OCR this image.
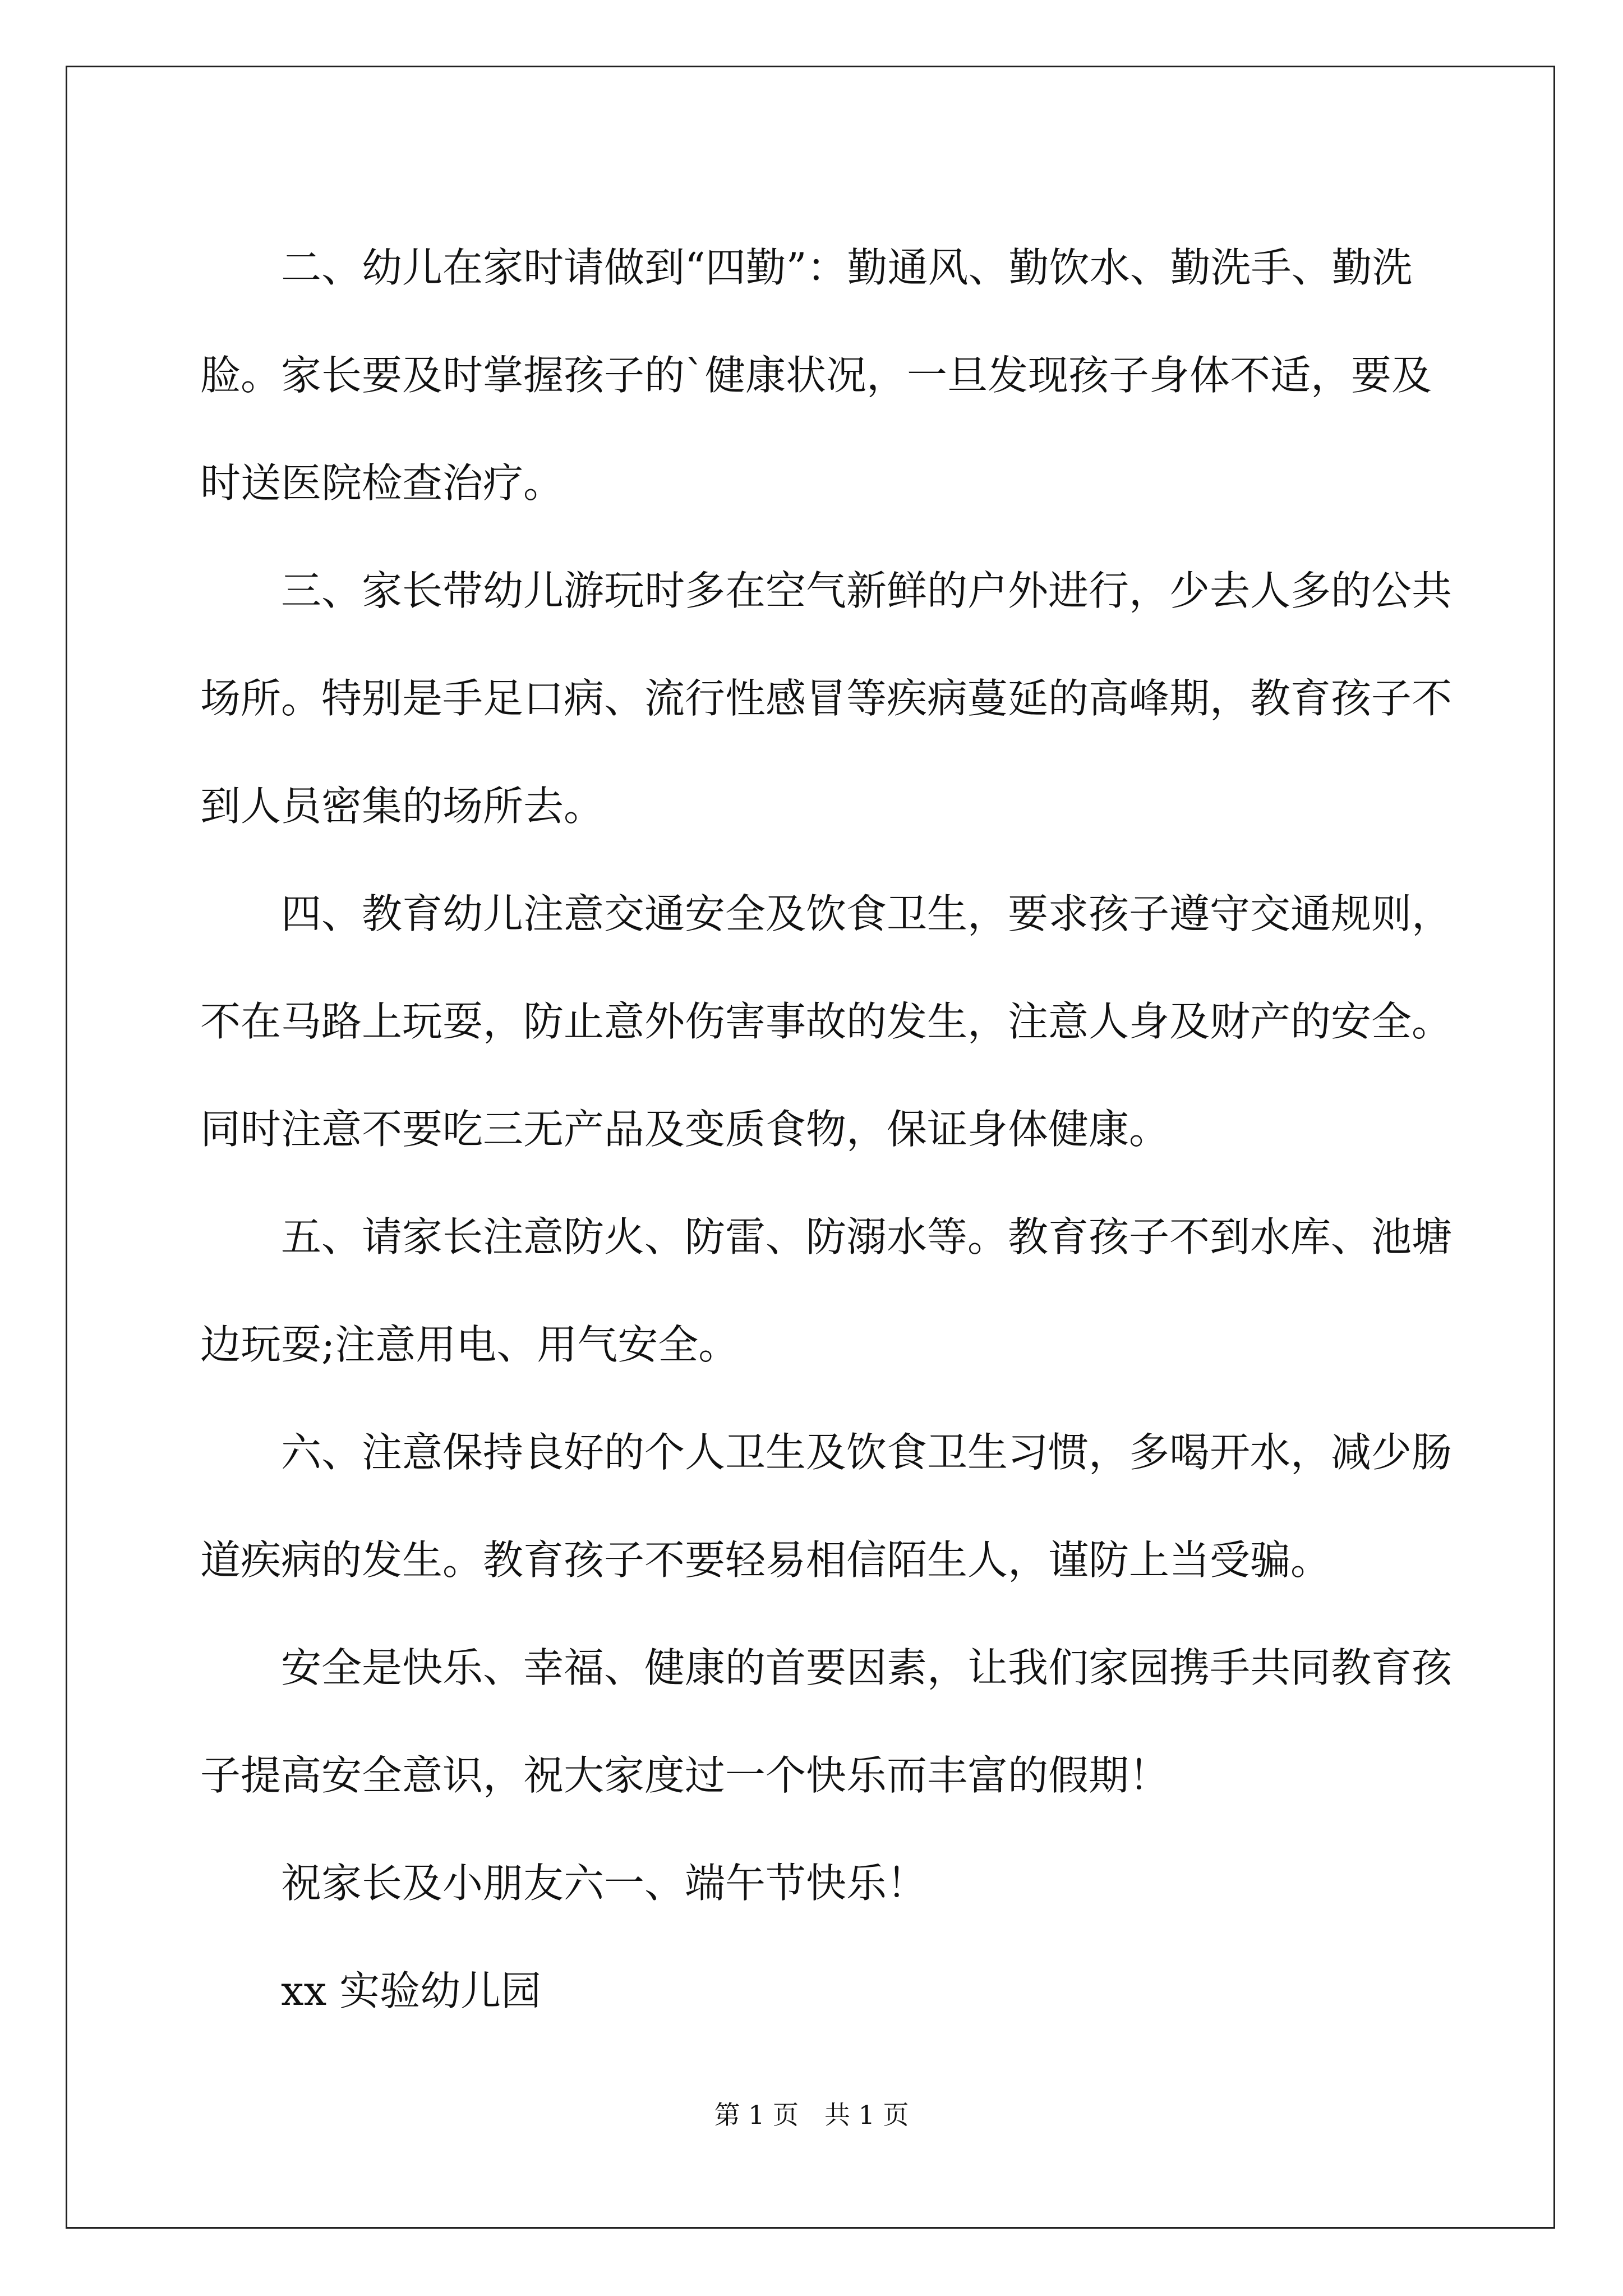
二、幼儿在家时请做到“四勤”：勤通风、勤饮水、勤洗手、勤洗脸。家长要及时掌握孩子的`健康状况，一旦发现孩子身体不适，要及时送医院检查治疗。

三、家长带幼儿游玩时多在空气新鲜的户外进行，少去人多的公共场所。特别是手足口病、流行性感冒等疾病蔓延的高峰期，教育孩子不到人员密集的场所去。

四、教育幼儿注意交通安全及饮食卫生，要求孩子遵守交通规则，不在马路上玩耍，防止意外伤害事故的发生，注意人身及财产的安全。同时注意不要吃三无产品及变质食物，保证身体健康。

五、请家长注意防火、防雷、防溺水等。教育孩子不到水库、池塘边玩耍;注意用电、用气安全。

六、注意保持良好的个人卫生及饮食卫生习惯，多喝开水，减少肠道疾病的发生。教育孩子不要轻易相信陌生人，谨防上当受骗。

安全是快乐、幸福、健康的首要因素，让我们家园携手共同教育孩子提高安全意识，祝大家度过一个快乐而丰富的假期！

祝家长及小朋友六一、端午节快乐！

xx 实验幼儿园

第 1 页　共 1 页
